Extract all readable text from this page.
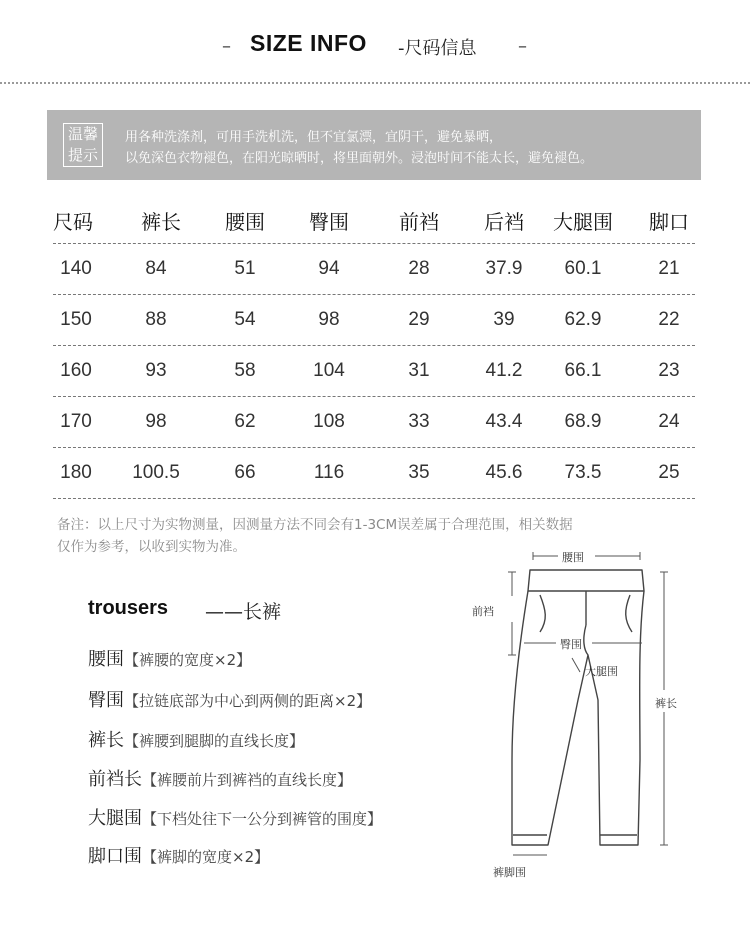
– SIZE INFO -尺码信息 –
温馨
提示
用各种洗涤剂，可用手洗机洗，但不宜氯漂，宜阴干，避免暴晒，
以免深色衣物褪色，在阳光晾晒时，将里面朝外。浸泡时间不能太长，避免褪色。
尺码	裤长	腰围	臀围	前裆	后裆	大腿围	脚口
140	84	51	94	28	37.9	60.1	21
150	88	54	98	29	39	62.9	22
160	93	58	104	31	41.2	66.1	23
170	98	62	108	33	43.4	68.9	24
180	100.5	66	116	35	45.6	73.5	25
备注：以上尺寸为实物测量，因测量方法不同会有1-3CM误差属于合理范围，相关数据
仅作为参考，以收到实物为准。
trousers ——长裤
腰围【裤腰的宽度×2】
臀围【拉链底部为中心到两侧的距离×2】
裤长【裤腰到腿脚的直线长度】
前裆长【裤腰前片到裤裆的直线长度】
大腿围【下档处往下一公分到裤管的围度】
脚口围【裤脚的宽度×2】
腰围
前裆
臀围
大腿围
裤长
裤脚围
